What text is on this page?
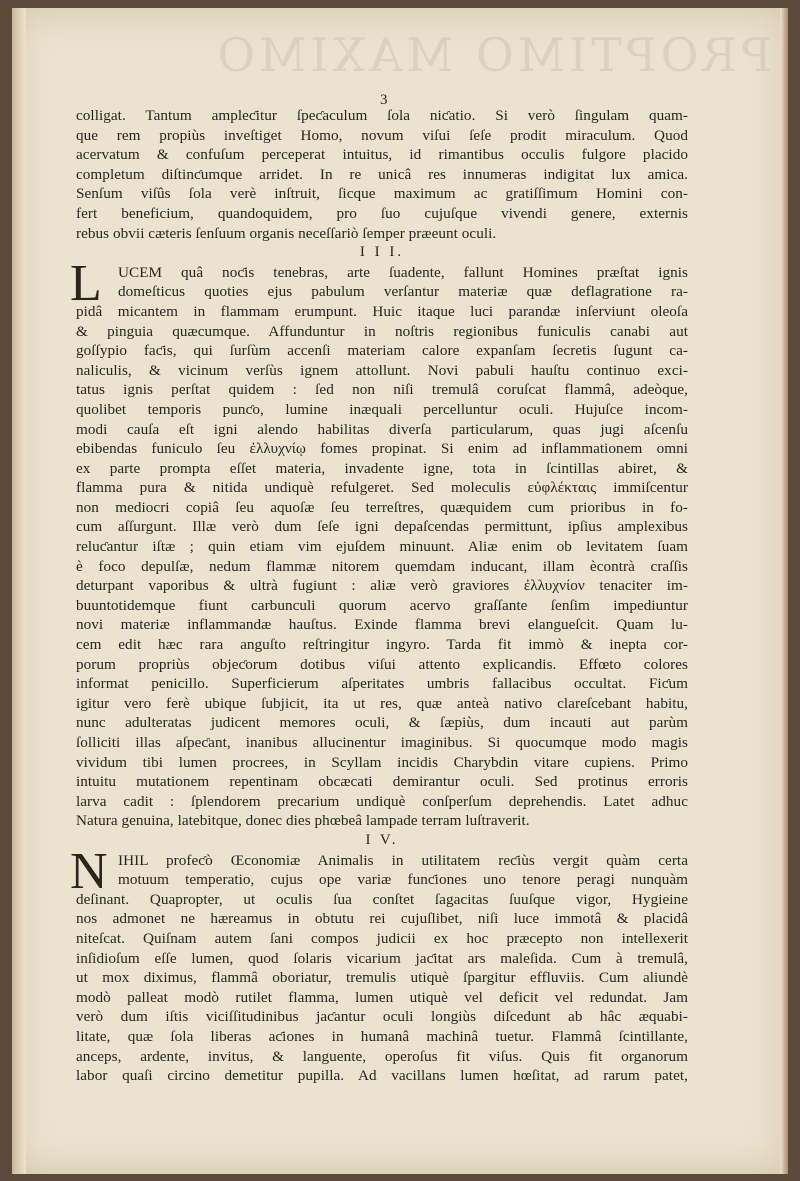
PROPTIMO MAXIMO
3
colligat. Tantum ampleƈitur ſpeƈaculum ſola niƈatio. Si verò ſingulam quam-
que rem propiùs inveſtiget Homo, novum viſui ſeſe prodit miraculum. Quod
acervatum & confuſum perceperat intuitus, id rimantibus occulis fulgore placido
completum diſtinƈumque arridet. In re unicâ res innumeras indigitat lux amica.
Senſum viſûs ſola verè inſtruit, ſicque maximum ac gratiſſimum Homini con-
fert beneficium, quandoquidem, pro ſuo cujuſque vivendi genere, externis
rebus obvii cæteris ſenſuum organis neceſſariò ſemper præeunt oculi.
I I I.
L	UCEM quâ noƈis tenebras, arte ſuadente, fallunt Homines præſtat ignis
domeſticus quoties ejus pabulum verſantur materiæ quæ deflagratione ra-
pidâ micantem in flammam erumpunt. Huic itaque luci parandæ inſerviunt oleoſa
& pinguia quæcumque. Affunduntur in noſtris regionibus funiculis canabi aut
goſſypio faƈis, qui ſurſùm accenſi materiam calore expanſam ſecretis ſugunt ca-
naliculis, & vicinum verſùs ignem attollunt. Novi pabuli hauſtu continuo exci-
tatus ignis perſtat quidem : ſed non niſi tremulâ coruſcat flammâ, adeòque,
quolibet temporis punƈo, lumine inæquali percelluntur oculi. Hujuſce incom-
modi cauſa eſt igni alendo habilitas diverſa particularum, quas jugi aſcenſu
ebibendas funiculo ſeu ἐλλυχνίῳ fomes propinat. Si enim ad inflammationem omni
ex parte prompta eſſet materia, invadente igne, tota in ſcintillas abiret, &
flamma pura & nitida undiquè refulgeret. Sed moleculis εὐφλέκταις immiſcentur
non mediocri copiâ ſeu aquoſæ ſeu terreſtres, quæquidem cum prioribus in fo-
cum aſſurgunt. Illæ verò dum ſeſe igni depaſcendas permittunt, ipſius amplexibus
reluƈantur iſtæ ; quin etiam vim ejuſdem minuunt. Aliæ enim ob levitatem ſuam
è foco depulſæ, nedum flammæ nitorem quemdam inducant, illam ècontrà craſſis
deturpant vaporibus & ultrà fugiunt : aliæ verò graviores ἐλλυχνίον tenaciter im-
buuntotidemque fiunt carbunculi quorum acervo graſſante ſenſim impediuntur
novi materiæ inflammandæ hauſtus. Exinde flamma brevi elangueſcit. Quam lu-
cem edit hæc rara anguſto reſtringitur ingyro. Tarda fit immò & inepta cor-
porum propriùs objeƈorum dotibus viſui attento explicandis. Effœto colores
informat penicillo. Superficierum aſperitates umbris fallacibus occultat. Fiƈum
igitur vero ferè ubique ſubjicit, ita ut res, quæ anteà nativo clareſcebant habitu,
nunc adulteratas judicent memores oculi, & ſæpiùs, dum incauti aut parùm
ſolliciti illas aſpeƈant, inanibus allucinentur imaginibus. Si quocumque modo magis
vividum tibi lumen procrees, in Scyllam incidis Charybdin vitare cupiens. Primo
intuitu mutationem repentinam obcæcati demirantur oculi. Sed protinus erroris
larva cadit : ſplendorem precarium undiquè conſperſum deprehendis. Latet adhuc
Natura genuina, latebitque, donec dies phœbeâ lampade terram luſtraverit.
I V.
N IHIL profeƈò Œconomiæ Animalis in utilitatem reƈiùs vergit quàm certa
motuum temperatio, cujus ope variæ funƈiones uno tenore peragi nunquàm
deſinant. Quapropter, ut oculis ſua conſtet ſagacitas ſuuſque vigor, Hygieine
nos admonet ne hæreamus in obtutu rei cujuſlibet, niſi luce immotâ & placidâ
niteſcat. Quiſnam autem ſani compos judicii ex hoc præcepto non intellexerit
inſidioſum eſſe lumen, quod ſolaris vicarium jaƈitat ars maleſida. Cum à tremulâ,
ut mox diximus, flammâ oboriatur, tremulis utiquè ſpargitur effluviis. Cum aliundè
modò palleat modò rutilet flamma, lumen utiquè vel deficit vel redundat. Jam
verò dum iſtis viciſſitudinibus jaƈantur oculi longiùs diſcedunt ab hâc æquabi-
litate, quæ ſola liberas aƈiones in humanâ machinâ tuetur. Flammâ ſcintillante,
anceps, ardente, invitus, & languente, operoſus fit viſus. Quis fit organorum
labor quaſi circino demetitur pupilla. Ad vacillans lumen hœſitat, ad rarum patet,
